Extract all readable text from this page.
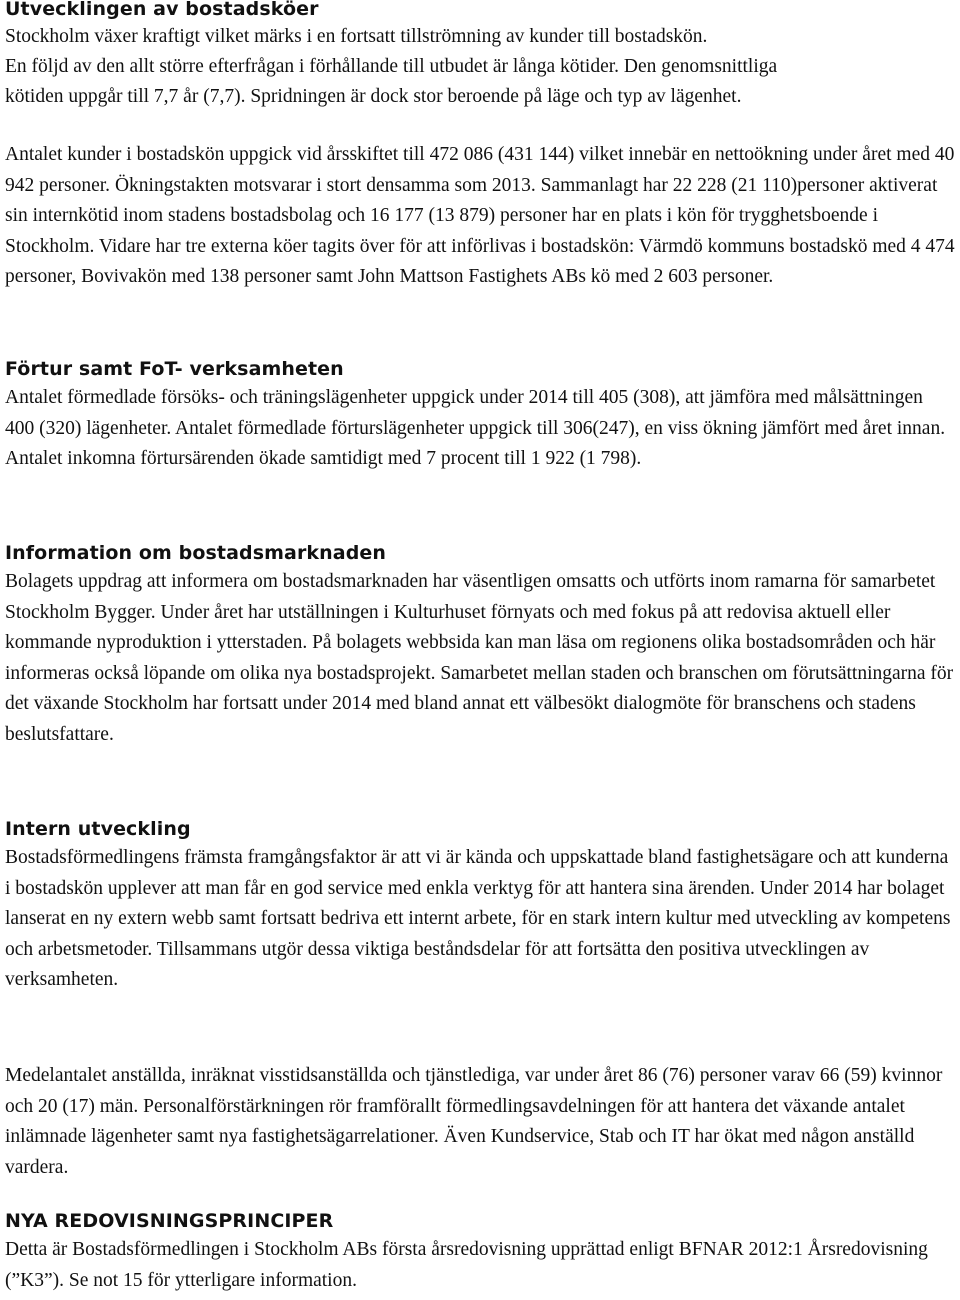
Utvecklingen av bostadsköer
Stockholm växer kraftigt vilket märks i en fortsatt tillströmning av kunder till bostadskön.
En följd av den allt större efterfrågan i förhållande till utbudet är långa kötider. Den genomsnittliga
kötiden uppgår till 7,7 år (7,7). Spridningen är dock stor beroende på läge och typ av lägenhet.
Antalet kunder i bostadskön uppgick vid årsskiftet till 472 086 (431 144) vilket innebär en nettoökning under året med 40 942 personer. Ökningstakten motsvarar i stort densamma som 2013. Sammanlagt har 22 228 (21 110)personer aktiverat sin internkötid inom stadens bostadsbolag och 16 177 (13 879) personer har en plats i kön för trygghetsboende i Stockholm. Vidare har tre externa köer tagits över för att införlivas i bostadskön: Värmdö kommuns bostadskö med 4 474 personer, Bovivakön med 138 personer samt John Mattson Fastighets ABs kö med 2 603 personer.
Förtur samt FoT- verksamheten
Antalet förmedlade försöks- och träningslägenheter uppgick under 2014 till 405 (308), att jämföra med målsättningen 400 (320) lägenheter. Antalet förmedlade förturslägenheter uppgick till 306(247), en viss ökning jämfört med året innan. Antalet inkomna förtursärenden ökade samtidigt med 7 procent till 1 922 (1 798).
Information om bostadsmarknaden
Bolagets uppdrag att informera om bostadsmarknaden har väsentligen omsatts och utförts inom ramarna för samarbetet Stockholm Bygger. Under året har utställningen i Kulturhuset förnyats och med fokus på att redovisa aktuell eller kommande nyproduktion i ytterstaden. På bolagets webbsida kan man läsa om regionens olika bostadsområden och här informeras också löpande om olika nya bostadsprojekt. Samarbetet mellan staden och branschen om förutsättningarna för det växande Stockholm har fortsatt under 2014 med bland annat ett välbesökt dialogmöte för branschens och stadens beslutsfattare.
Intern utveckling
Bostadsförmedlingens främsta framgångsfaktor är att vi är kända och uppskattade bland fastighetsägare och att kunderna i bostadskön upplever att man får en god service med enkla verktyg för att hantera sina ärenden. Under 2014 har bolaget lanserat en ny extern webb samt fortsatt bedriva ett internt arbete, för en stark intern kultur med utveckling av kompetens och arbetsmetoder. Tillsammans utgör dessa viktiga beståndsdelar för att fortsätta den positiva utvecklingen av verksamheten.
Medelantalet anställda, inräknat visstidsanställda och tjänstlediga, var under året 86 (76) personer varav 66 (59) kvinnor och 20 (17) män. Personalförstärkningen rör framförallt förmedlingsavdelningen för att hantera det växande antalet inlämnade lägenheter samt nya fastighetsägarrelationer. Även Kundservice, Stab och IT har ökat med någon anställd vardera.
NYA REDOVISNINGSPRINCIPER
Detta är Bostadsförmedlingen i Stockholm ABs första årsredovisning upprättad enligt BFNAR 2012:1 Årsredovisning (”K3”). Se not 15 för ytterligare information.
